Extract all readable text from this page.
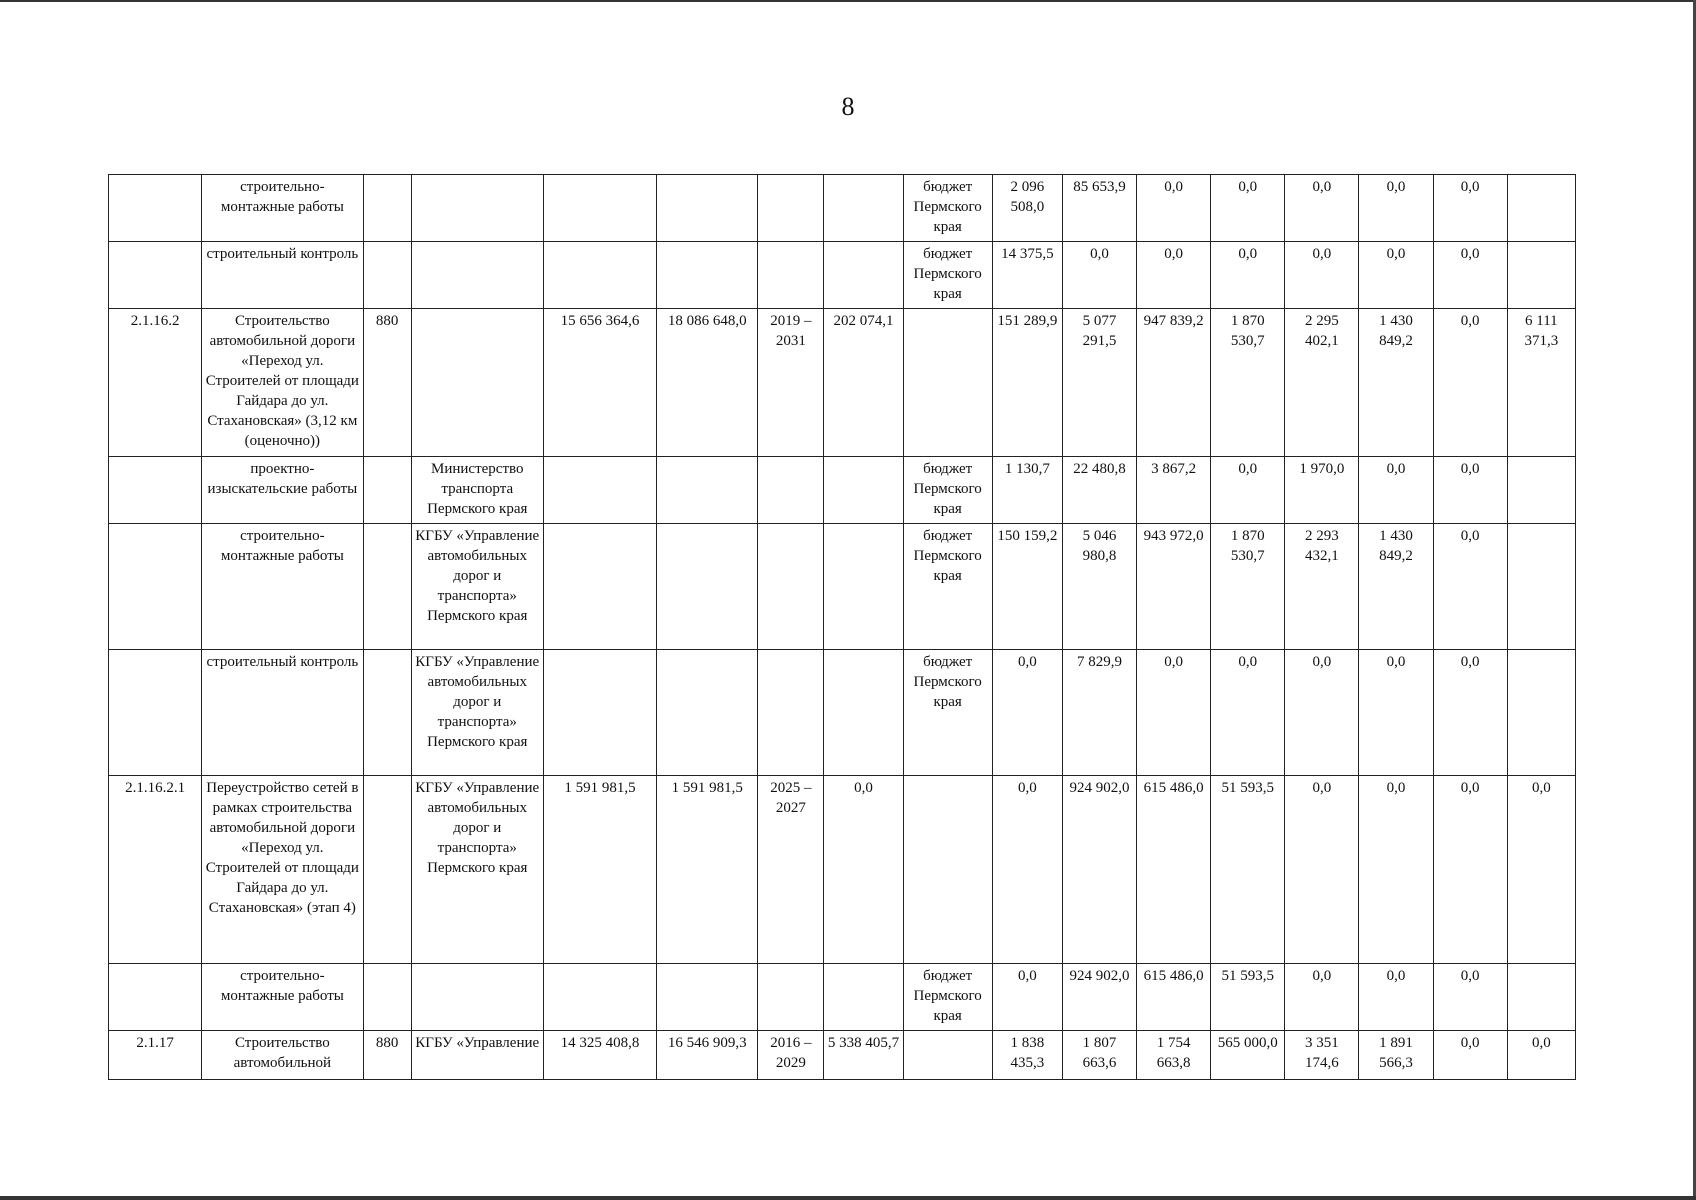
8
	строительно-монтажные работы							бюджет Пермского края	2 096 508,0	85 653,9	0,0	0,0	0,0	0,0	0,0	
	строительный контроль							бюджет Пермского края	14 375,5	0,0	0,0	0,0	0,0	0,0	0,0	
2.1.16.2	Строительство автомобильной дороги «Переход ул. Строителей от площади Гайдара до ул. Стахановская» (3,12 км (оценочно))	880		15 656 364,6	18 086 648,0	2019 – 2031	202 074,1		151 289,9	5 077 291,5	947 839,2	1 870 530,7	2 295 402,1	1 430 849,2	0,0	6 111 371,3
	проектно-изыскательские работы		Министерство транспорта Пермского края					бюджет Пермского края	1 130,7	22 480,8	3 867,2	0,0	1 970,0	0,0	0,0	
	строительно-монтажные работы		КГБУ «Управление автомобильных дорог и транспорта» Пермского края					бюджет Пермского края	150 159,2	5 046 980,8	943 972,0	1 870 530,7	2 293 432,1	1 430 849,2	0,0	
	строительный контроль		КГБУ «Управление автомобильных дорог и транспорта» Пермского края					бюджет Пермского края	0,0	7 829,9	0,0	0,0	0,0	0,0	0,0	
2.1.16.2.1	Переустройство сетей в рамках строительства автомобильной дороги «Переход ул. Строителей от площади Гайдара до ул. Стахановская» (этап 4)		КГБУ «Управление автомобильных дорог и транспорта» Пермского края	1 591 981,5	1 591 981,5	2025 – 2027	0,0		0,0	924 902,0	615 486,0	51 593,5	0,0	0,0	0,0	0,0
	строительно-монтажные работы							бюджет Пермского края	0,0	924 902,0	615 486,0	51 593,5	0,0	0,0	0,0	
2.1.17	Строительство автомобильной	880	КГБУ «Управление	14 325 408,8	16 546 909,3	2016 – 2029	5 338 405,7		1 838 435,3	1 807 663,6	1 754 663,8	565 000,0	3 351 174,6	1 891 566,3	0,0	0,0
